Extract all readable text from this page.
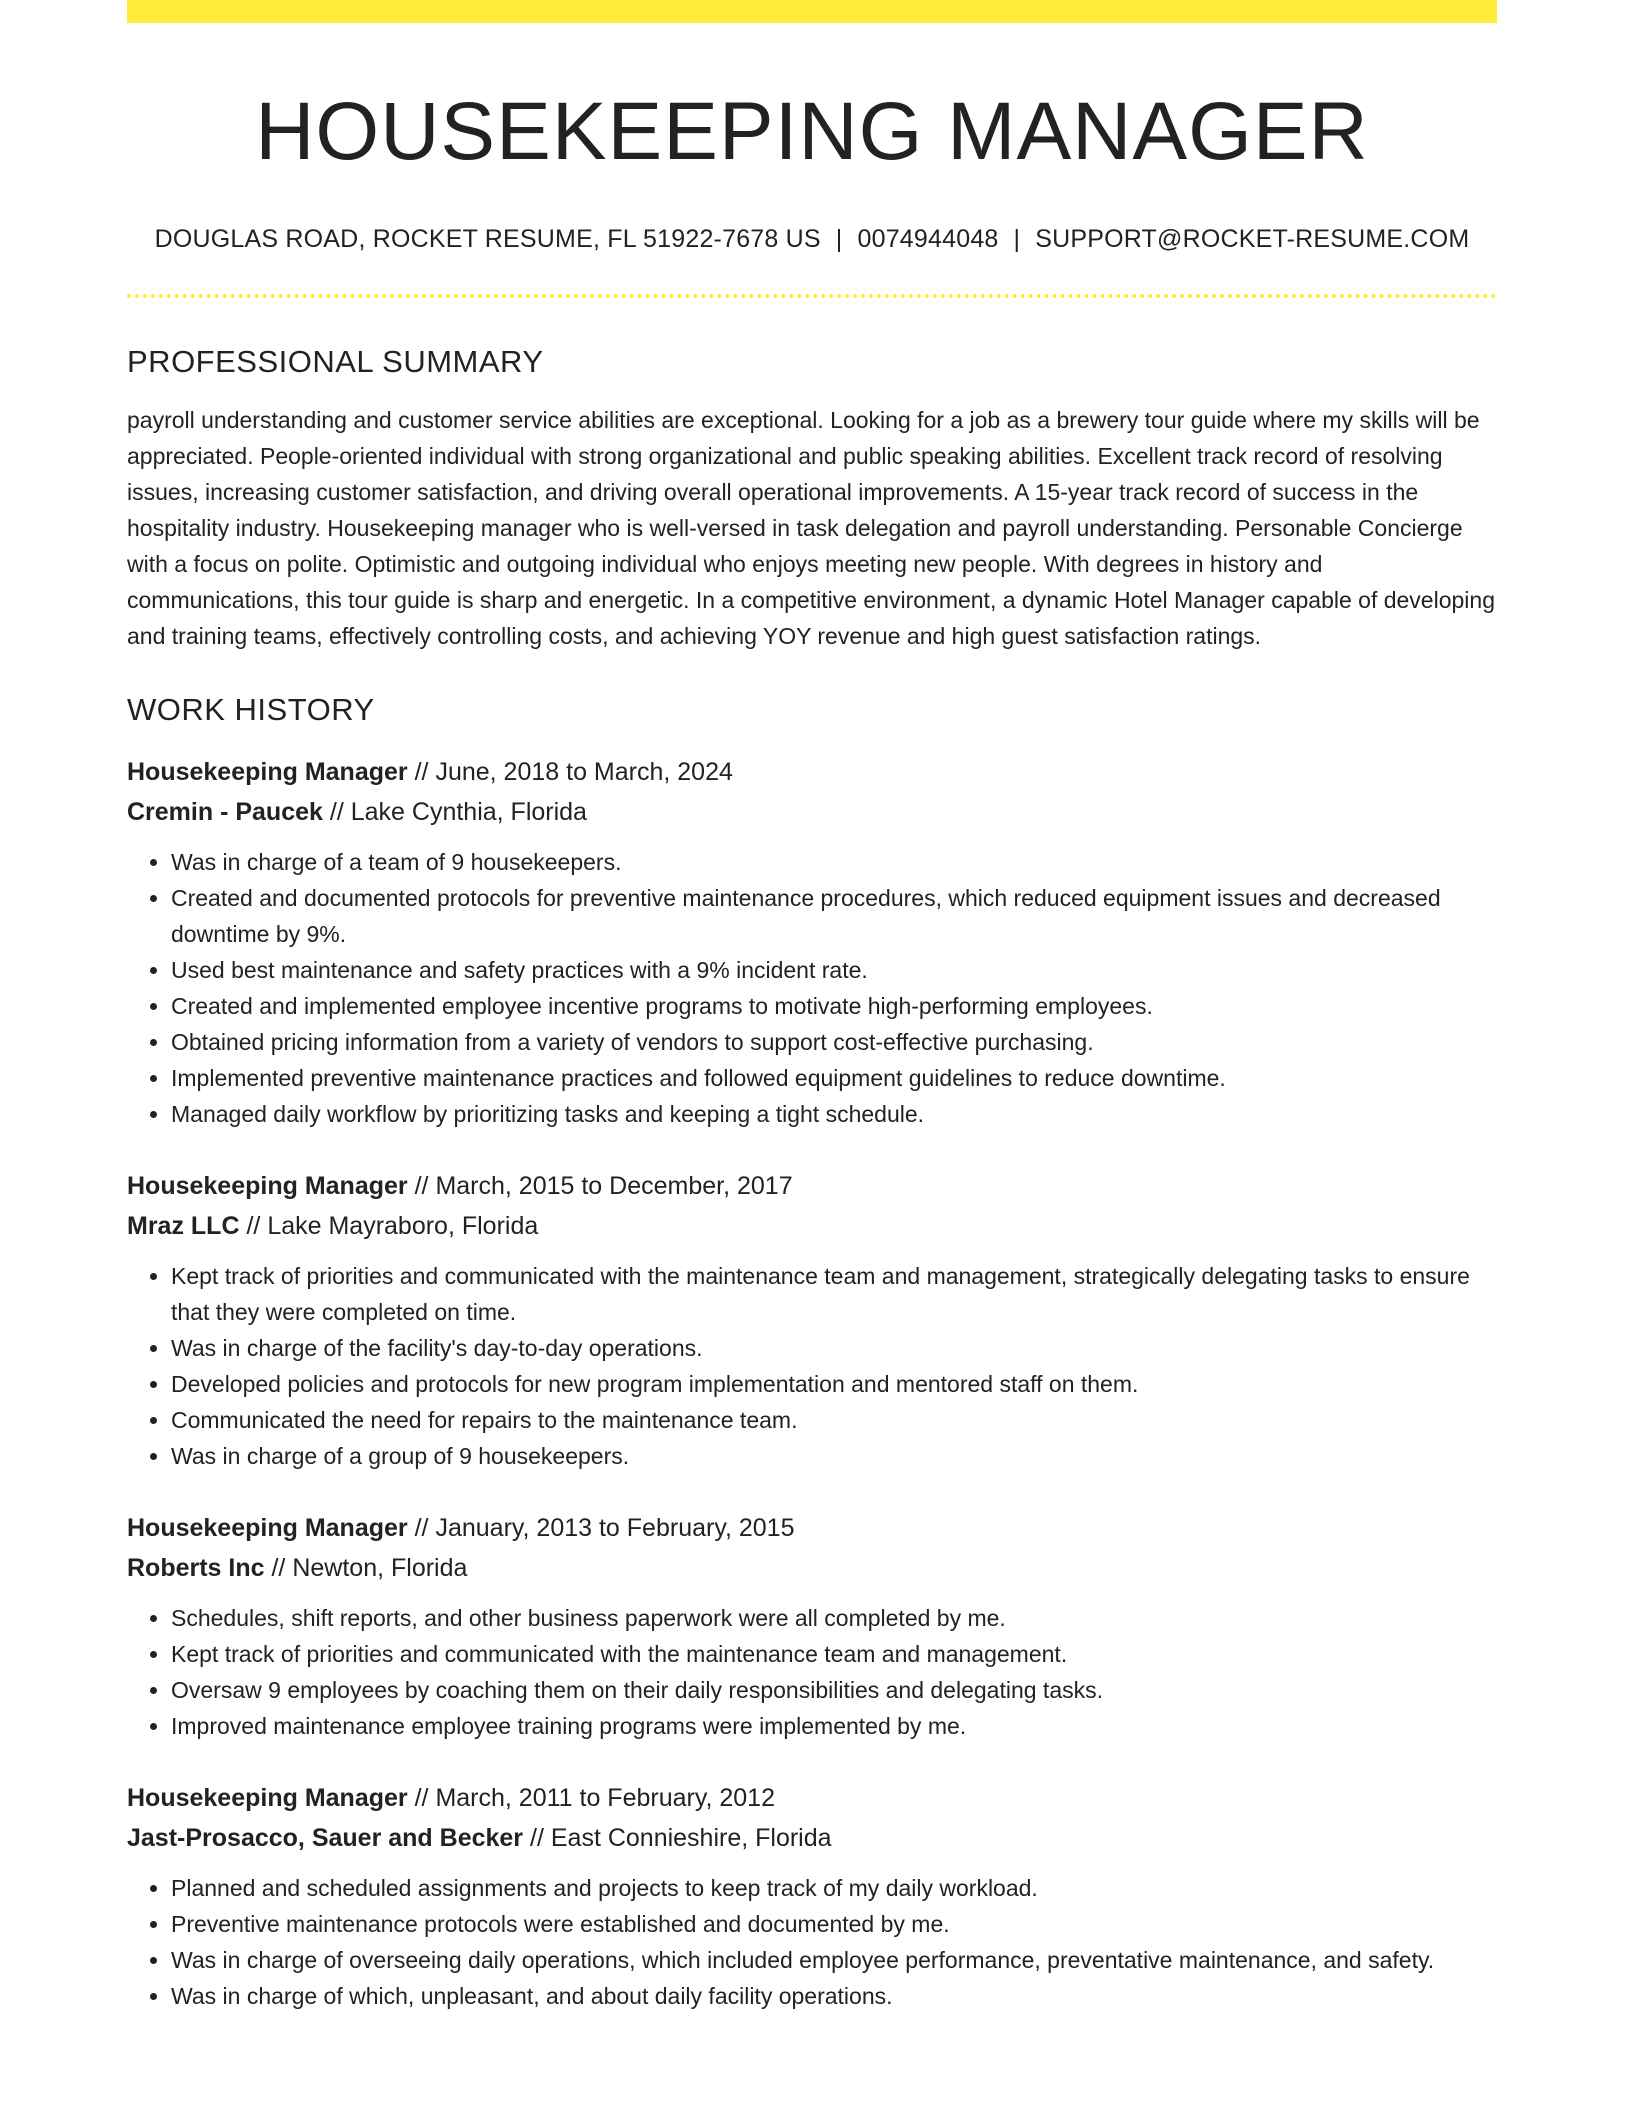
HOUSEKEEPING MANAGER
DOUGLAS ROAD, ROCKET RESUME, FL 51922-7678 US | 0074944048 | SUPPORT@ROCKET-RESUME.COM
PROFESSIONAL SUMMARY

payroll understanding and customer service abilities are exceptional. Looking for a job as a brewery tour guide where my skills will be appreciated. People-oriented individual with strong organizational and public speaking abilities. Excellent track record of resolving issues, increasing customer satisfaction, and driving overall operational improvements. A 15-year track record of success in the hospitality industry. Housekeeping manager who is well-versed in task delegation and payroll understanding. Personable Concierge with a focus on polite. Optimistic and outgoing individual who enjoys meeting new people. With degrees in history and communications, this tour guide is sharp and energetic. In a competitive environment, a dynamic Hotel Manager capable of developing and training teams, effectively controlling costs, and achieving YOY revenue and high guest satisfaction ratings.

WORK HISTORY
Housekeeping Manager // June, 2018 to March, 2024
Cremin - Paucek // Lake Cynthia, Florida
• Was in charge of a team of 9 housekeepers.
• Created and documented protocols for preventive maintenance procedures, which reduced equipment issues and decreased downtime by 9%.
• Used best maintenance and safety practices with a 9% incident rate.
• Created and implemented employee incentive programs to motivate high-performing employees.
• Obtained pricing information from a variety of vendors to support cost-effective purchasing.
• Implemented preventive maintenance practices and followed equipment guidelines to reduce downtime.
• Managed daily workflow by prioritizing tasks and keeping a tight schedule.
Housekeeping Manager // March, 2015 to December, 2017
Mraz LLC // Lake Mayraboro, Florida
• Kept track of priorities and communicated with the maintenance team and management, strategically delegating tasks to ensure that they were completed on time.
• Was in charge of the facility's day-to-day operations.
• Developed policies and protocols for new program implementation and mentored staff on them.
• Communicated the need for repairs to the maintenance team.
• Was in charge of a group of 9 housekeepers.
Housekeeping Manager // January, 2013 to February, 2015
Roberts Inc // Newton, Florida
• Schedules, shift reports, and other business paperwork were all completed by me.
• Kept track of priorities and communicated with the maintenance team and management.
• Oversaw 9 employees by coaching them on their daily responsibilities and delegating tasks.
• Improved maintenance employee training programs were implemented by me.
Housekeeping Manager // March, 2011 to February, 2012
Jast-Prosacco, Sauer and Becker // East Connieshire, Florida
• Planned and scheduled assignments and projects to keep track of my daily workload.
• Preventive maintenance protocols were established and documented by me.
• Was in charge of overseeing daily operations, which included employee performance, preventative maintenance, and safety.
• Was in charge of which, unpleasant, and about daily facility operations.
